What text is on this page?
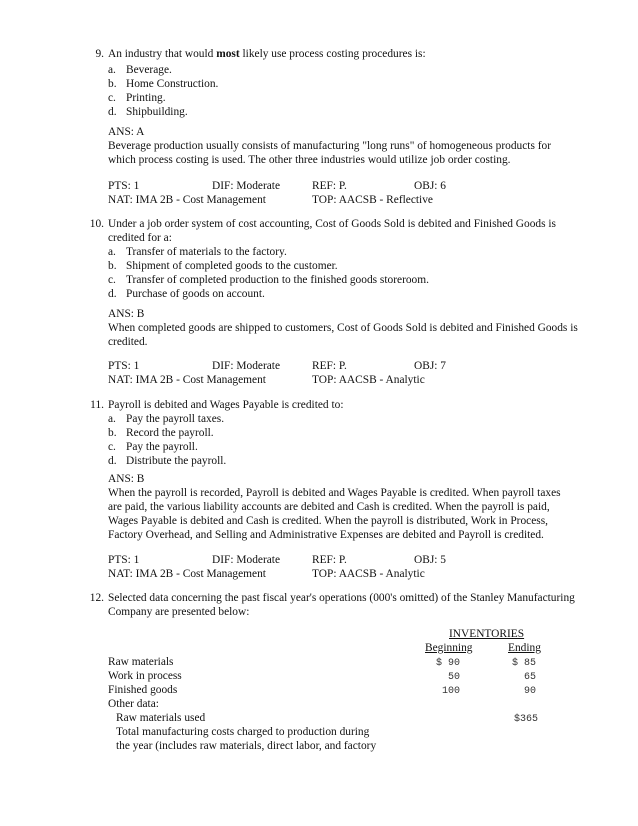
9. An industry that would most likely use process costing procedures is:
a. Beverage.
b. Home Construction.
c. Printing.
d. Shipbuilding.
ANS: A
Beverage production usually consists of manufacturing "long runs" of homogeneous products for
which process costing is used. The other three industries would utilize job order costing.
PTS: 1	DIF: Moderate	REF: P.	OBJ: 6
NAT: IMA 2B - Cost Management	TOP: AACSB - Reflective
10. Under a job order system of cost accounting, Cost of Goods Sold is debited and Finished Goods is
credited for a:
a. Transfer of materials to the factory.
b. Shipment of completed goods to the customer.
c. Transfer of completed production to the finished goods storeroom.
d. Purchase of goods on account.
ANS: B
When completed goods are shipped to customers, Cost of Goods Sold is debited and Finished Goods is
credited.
PTS: 1	DIF: Moderate	REF: P.	OBJ: 7
NAT: IMA 2B - Cost Management	TOP: AACSB - Analytic
11. Payroll is debited and Wages Payable is credited to:
a. Pay the payroll taxes.
b. Record the payroll.
c. Pay the payroll.
d. Distribute the payroll.
ANS: B
When the payroll is recorded, Payroll is debited and Wages Payable is credited. When payroll taxes
are paid, the various liability accounts are debited and Cash is credited. When the payroll is paid,
Wages Payable is debited and Cash is credited. When the payroll is distributed, Work in Process,
Factory Overhead, and Selling and Administrative Expenses are debited and Payroll is credited.
PTS: 1	DIF: Moderate	REF: P.	OBJ: 5
NAT: IMA 2B - Cost Management	TOP: AACSB - Analytic
12. Selected data concerning the past fiscal year's operations (000's omitted) of the Stanley Manufacturing
Company are presented below:
INVENTORIES
Beginning	Ending
Raw materials	$ 90	$ 85
Work in process	50	65
Finished goods	100	90
Other data:
Raw materials used	$365
Total manufacturing costs charged to production during
the year (includes raw materials, direct labor, and factory
